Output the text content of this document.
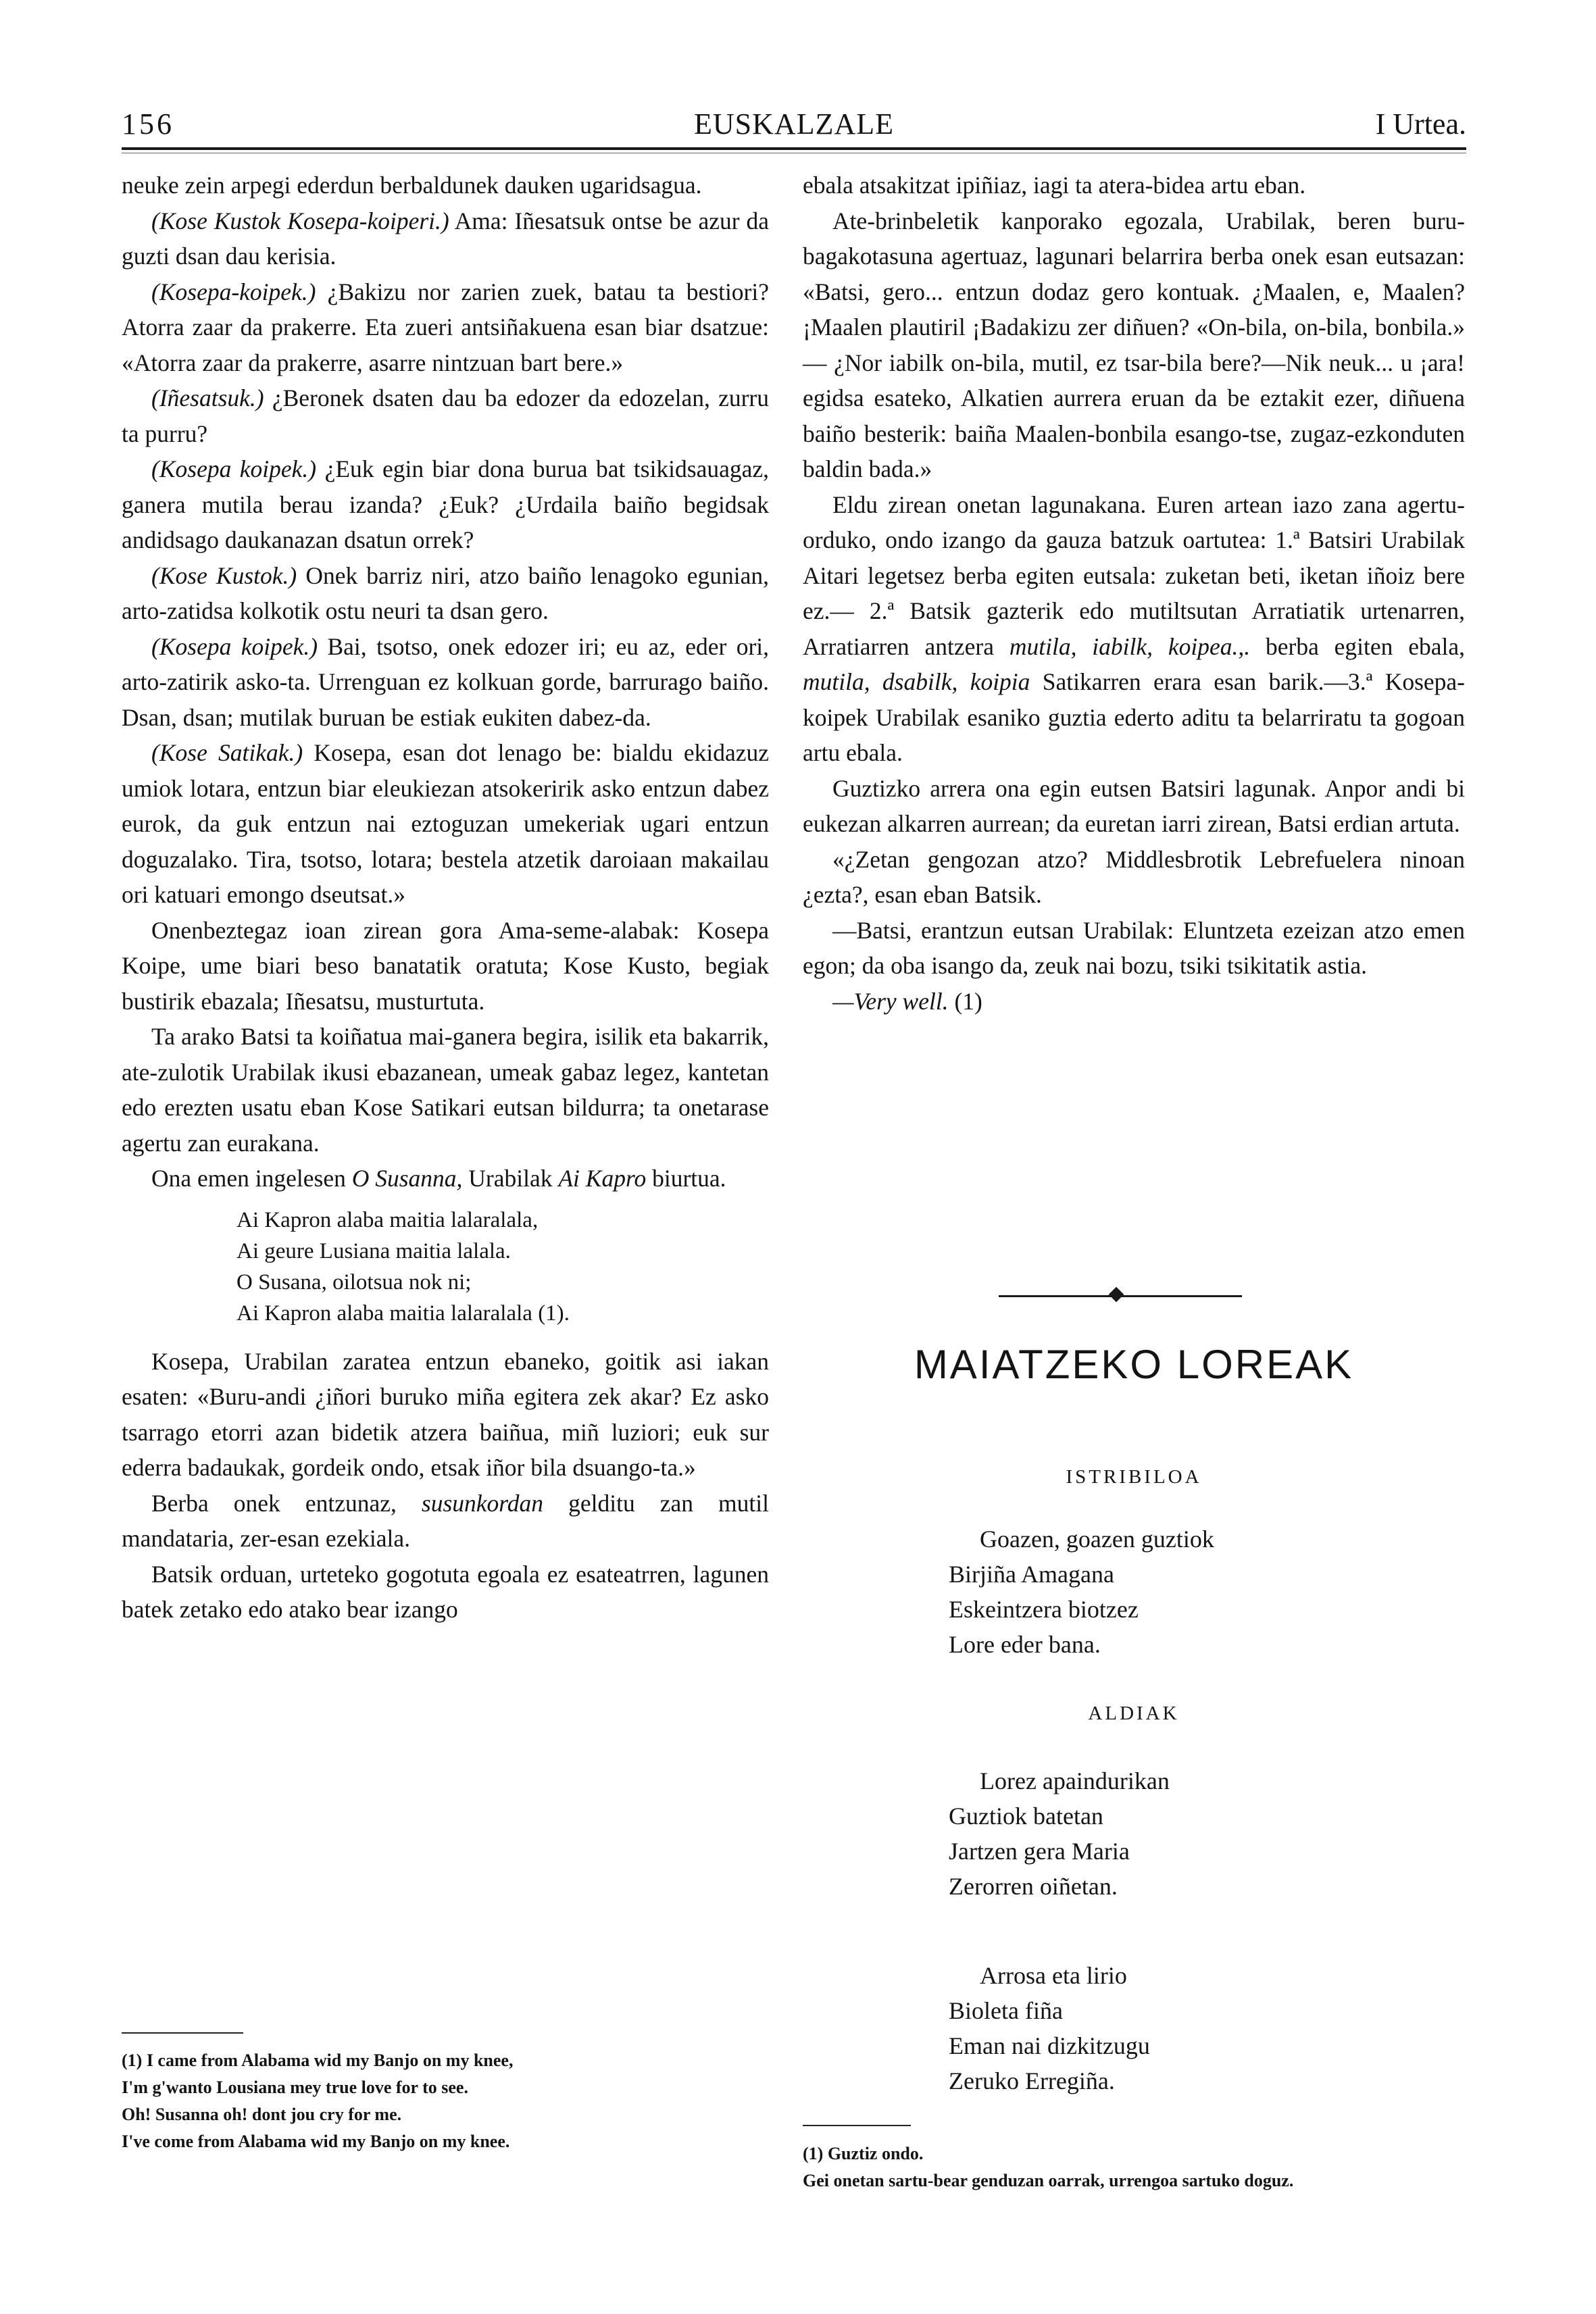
156	EUSKALZALE	I Urtea.

neuke zein arpegi ederdun berbaldunek dauken ugaridsagua.

(Kose Kustok Kosepa-koiperi.) Ama: Iñesatsuk ontse be azur da guzti dsan dau kerisia.

(Kosepa-koipek.) ¿Bakizu nor zarien zuek, batau ta bestiori? Atorra zaar da prakerre. Eta zueri antsiñakuena esan biar dsatzue: «Atorra zaar da prakerre, asarre nintzuan bart bere.»

(Iñesatsuk.) ¿Beronek dsaten dau ba edozer da edozelan, zurru ta purru?

(Kosepa koipek.) ¿Euk egin biar dona burua bat tsikidsauagaz, ganera mutila berau izanda? ¿Euk? ¿Urdaila baiño begidsak andidsago daukanazan dsatun orrek?

(Kose Kustok.) Onek barriz niri, atzo baiño lenagoko egunian, arto-zatidsa kolkotik ostu neuri ta dsan gero.

(Kosepa koipek.) Bai, tsotso, onek edozer iri; eu az, eder ori, arto-zatirik asko-ta. Urrenguan ez kolkuan gorde, barrurago baiño. Dsan, dsan; mutilak buruan be estiak eukiten dabez-da.

(Kose Satikak.) Kosepa, esan dot lenago be: bialdu ekidazuz umiok lotara, entzun biar eleukiezan atsokeririk asko entzun dabez eurok, da guk entzun nai eztoguzan umekeriak ugari entzun doguzalako. Tira, tsotso, lotara; bestela atzetik daroiaan makailau ori katuari emongo dseutsat.»

Onenbeztegaz ioan zirean gora Ama-seme-alabak: Kosepa Koipe, ume biari beso banatatik oratuta; Kose Kusto, begiak bustirik ebazala; Iñesatsu, musturtuta.

Ta arako Batsi ta koiñatua mai-ganera begira, isilik eta bakarrik, ate-zulotik Urabilak ikusi ebazanean, umeak gabaz legez, kantetan edo erezten usatu eban Kose Satikari eutsan bildurra; ta onetarase agertu zan eurakana.

Ona emen ingelesen O Susanna, Urabilak Ai Kapro biurtua.

Ai Kapron alaba maitia lalaralala,
Ai geure Lusiana maitia lalala.
O Susana, oilotsua nok ni;
Ai Kapron alaba maitia lalaralala (1).

Kosepa, Urabilan zaratea entzun ebaneko, goitik asi iakan esaten: «Buru-andi ¿iñori buruko miña egitera zek akar? Ez asko tsarrago etorri azan bidetik atzera baiñua, miñ luziori; euk sur ederra badaukak, gordeik ondo, etsak iñor bila dsuango-ta.»

Berba onek entzunaz, susunkordan gelditu zan mutil mandataria, zer-esan ezekiala.

Batsik orduan, urteteko gogotuta egoala ez esateatrren, lagunen batek zetako edo atako bear izango

(1) I came from Alabama wid my Banjo on my knee,
I'm g'wanto Lousiana mey true love for to see.
Oh! Susanna oh! dont jou cry for me.
I've come from Alabama wid my Banjo on my knee.

ebala atsakitzat ipiñiaz, iagi ta atera-bidea artu eban.

Ate-brinbeletik kanporako egozala, Urabilak, beren buru-bagakotasuna agertuaz, lagunari belarrira berba onek esan eutsazan: «Batsi, gero... entzun dodaz gero kontuak. ¿Maalen, e, Maalen? ¡Maalen plautiril ¡Badakizu zer diñuen? «On-bila, on-bila, bonbila.» — ¿Nor iabilk on-bila, mutil, ez tsar-bila bere?—Nik neuk... u ¡ara! egidsa esateko, Alkatien aurrera eruan da be eztakit ezer, diñuena baiño besterik: baiña Maalen-bonbila esango-tse, zugaz-ezkonduten baldin bada.»

Eldu zirean onetan lagunakana. Euren artean iazo zana agertu-orduko, ondo izango da gauza batzuk oartutea: 1.ª Batsiri Urabilak Aitari legetsez berba egiten eutsala: zuketan beti, iketan iñoiz bere ez.— 2.ª Batsik gazterik edo mutiltsutan Arratiatik urtenarren, Arratiarren antzera mutila, iabilk, koipea.,. berba egiten ebala, mutila, dsabilk, koipia Satikarren erara esan barik.—3.ª Kosepa-koipek Urabilak esaniko guztia ederto aditu ta belarriratu ta gogoan artu ebala.

Guztizko arrera ona egin eutsen Batsiri lagunak. Anpor andi bi eukezan alkarren aurrean; da euretan iarri zirean, Batsi erdian artuta.

«¿Zetan gengozan atzo? Middlesbrotik Lebrefuelera ninoan ¿ezta?, esan eban Batsik.

—Batsi, erantzun eutsan Urabilak: Eluntzeta ezeizan atzo emen egon; da oba isango da, zeuk nai bozu, tsiki tsikitatik astia.

—Very well. (1)

MAIATZEKO LOREAK
ISTRIBILOA
Goazen, goazen guztiok
Birjiña Amagana
Eskeintzera biotzez
Lore eder bana.
ALDIAK
Lorez apaindurikan
Guztiok batetan
Jartzen gera Maria
Zerorren oiñetan.
Arrosa eta lirio
Bioleta fiña
Eman nai dizkitzugu
Zeruko Erregiña.
(1) Guztiz ondo.
Gei onetan sartu-bear genduzan oarrak, urrengoa sartuko doguz.
